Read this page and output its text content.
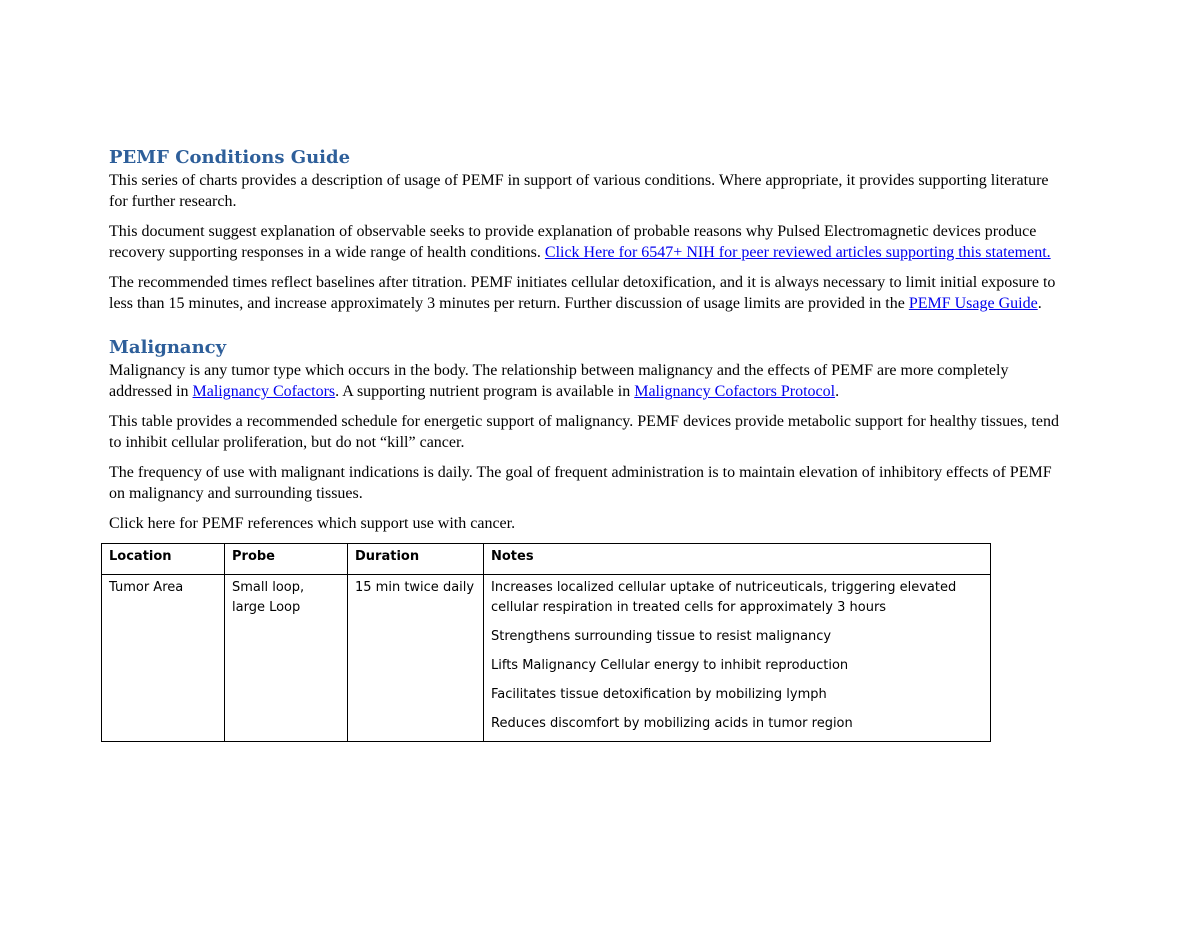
PEMF Conditions Guide

This series of charts provides a description of usage of PEMF in support of various conditions. Where appropriate, it provides supporting literature for further research.

This document suggest explanation of observable seeks to provide explanation of probable reasons why Pulsed Electromagnetic devices produce recovery supporting responses in a wide range of health conditions. Click Here for 6547+ NIH for peer reviewed articles supporting this statement.

The recommended times reflect baselines after titration. PEMF initiates cellular detoxification, and it is always necessary to limit initial exposure to less than 15 minutes, and increase approximately 3 minutes per return. Further discussion of usage limits are provided in the PEMF Usage Guide.

Malignancy

Malignancy is any tumor type which occurs in the body. The relationship between malignancy and the effects of PEMF are more completely addressed in Malignancy Cofactors. A supporting nutrient program is available in Malignancy Cofactors Protocol.

This table provides a recommended schedule for energetic support of malignancy. PEMF devices provide metabolic support for healthy tissues, tend to inhibit cellular proliferation, but do not “kill” cancer.

The frequency of use with malignant indications is daily. The goal of frequent administration is to maintain elevation of inhibitory effects of PEMF on malignancy and surrounding tissues.

Click here for PEMF references which support use with cancer.

Location	Probe	Duration	Notes
Tumor Area	Small loop, large Loop	15 min twice daily	Increases localized cellular uptake of nutriceuticals, triggering elevated cellular respiration in treated cells for approximately 3 hours
Strengthens surrounding tissue to resist malignancy
Lifts Malignancy Cellular energy to inhibit reproduction
Facilitates tissue detoxification by mobilizing lymph
Reduces discomfort by mobilizing acids in tumor region
